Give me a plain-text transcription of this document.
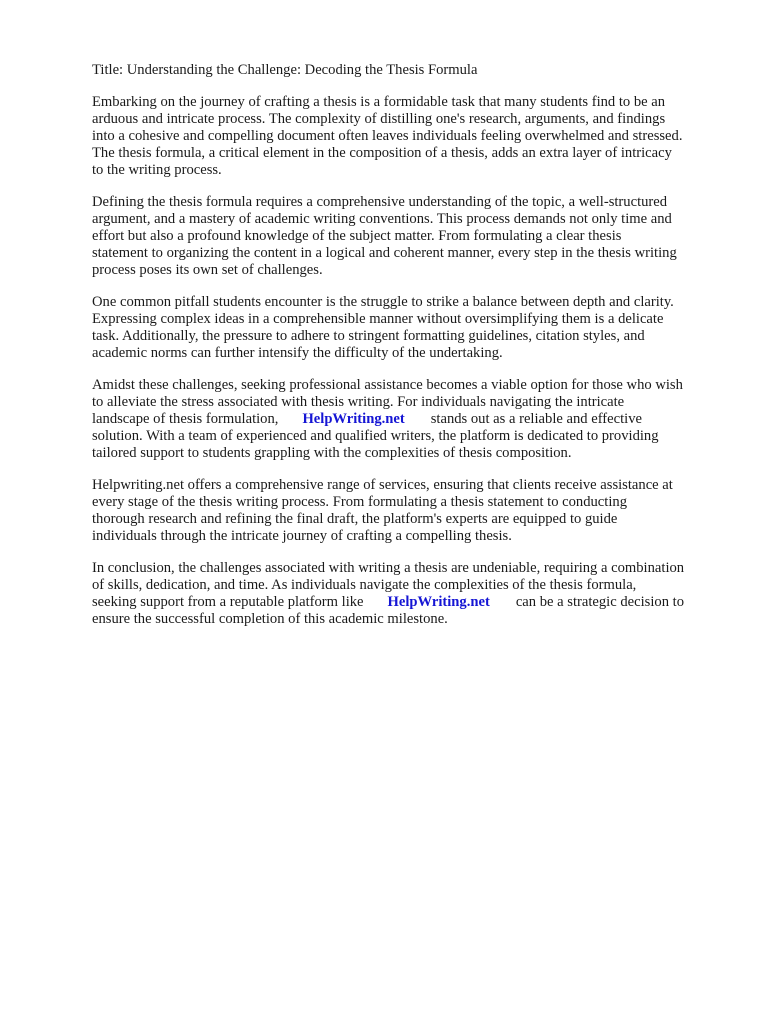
Title: Understanding the Challenge: Decoding the Thesis Formula

Embarking on the journey of crafting a thesis is a formidable task that many students find to be an
arduous and intricate process. The complexity of distilling one's research, arguments, and findings
into a cohesive and compelling document often leaves individuals feeling overwhelmed and stressed.
The thesis formula, a critical element in the composition of a thesis, adds an extra layer of intricacy
to the writing process.

Defining the thesis formula requires a comprehensive understanding of the topic, a well-structured
argument, and a mastery of academic writing conventions. This process demands not only time and
effort but also a profound knowledge of the subject matter. From formulating a clear thesis
statement to organizing the content in a logical and coherent manner, every step in the thesis writing
process poses its own set of challenges.

One common pitfall students encounter is the struggle to strike a balance between depth and clarity.
Expressing complex ideas in a comprehensible manner without oversimplifying them is a delicate
task. Additionally, the pressure to adhere to stringent formatting guidelines, citation styles, and
academic norms can further intensify the difficulty of the undertaking.

Amidst these challenges, seeking professional assistance becomes a viable option for those who wish
to alleviate the stress associated with thesis writing. For individuals navigating the intricate
landscape of thesis formulation, HelpWriting.net stands out as a reliable and effective
solution. With a team of experienced and qualified writers, the platform is dedicated to providing
tailored support to students grappling with the complexities of thesis composition.

Helpwriting.net offers a comprehensive range of services, ensuring that clients receive assistance at
every stage of the thesis writing process. From formulating a thesis statement to conducting
thorough research and refining the final draft, the platform's experts are equipped to guide
individuals through the intricate journey of crafting a compelling thesis.

In conclusion, the challenges associated with writing a thesis are undeniable, requiring a combination
of skills, dedication, and time. As individuals navigate the complexities of the thesis formula,
seeking support from a reputable platform like HelpWriting.net can be a strategic decision to
ensure the successful completion of this academic milestone.
